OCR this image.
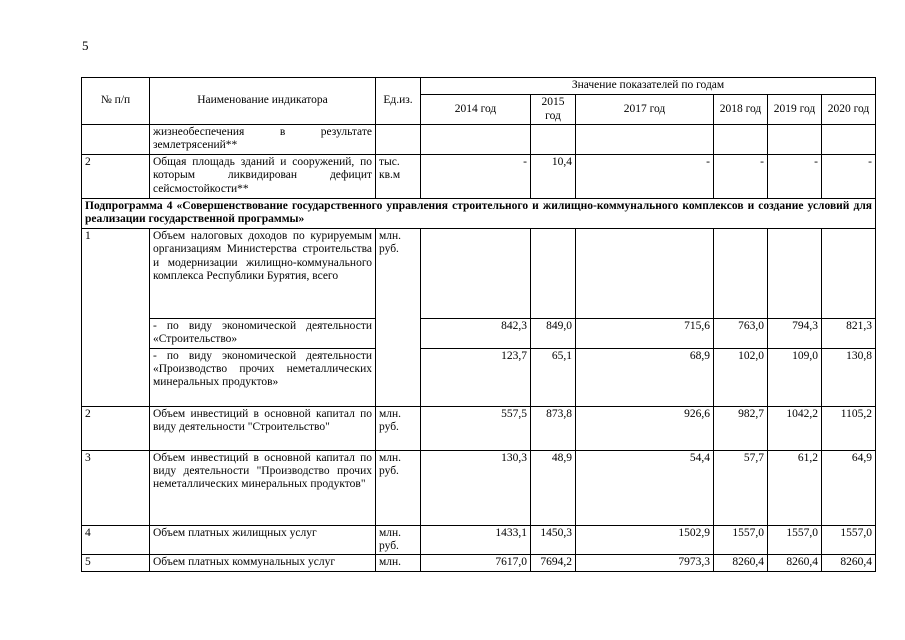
5
№ п/п	Наименование индикатора	Ед.из.	Значение показателей по годам					
			2014 год	2015 год	2017 год	2018 год	2019 год	2020 год
	жизнеобеспечения в результате землетрясений**							
2	Общая площадь зданий и сооружений, по которым ликвидирован дефицит сейсмостойкости**	тыс. кв.м	-	10,4	-	-	-	-
Подпрограмма 4 «Совершенствование государственного управления строительного и жилищно-коммунального комплексов и создание условий для реализации государственной программы»								
1	Объем налоговых доходов по курируемым организациям Министерства строительства и модернизации жилищно-коммунального комплекса Республики Бурятия, всего	млн. руб.						
	- по виду экономической деятельности «Строительство»		842,3	849,0	715,6	763,0	794,3	821,3
	- по виду экономической деятельности «Производство прочих неметаллических минеральных продуктов»		123,7	65,1	68,9	102,0	109,0	130,8
2	Объем инвестиций в основной капитал по виду деятельности "Строительство"	млн. руб.	557,5	873,8	926,6	982,7	1042,2	1105,2
3	Объем инвестиций в основной капитал по виду деятельности "Производство прочих неметаллических минеральных продуктов"	млн. руб.	130,3	48,9	54,4	57,7	61,2	64,9
4	Объем платных жилищных услуг	млн. руб.	1433,1	1450,3	1502,9	1557,0	1557,0	1557,0
5	Объем платных коммунальных услуг	млн.	7617,0	7694,2	7973,3	8260,4	8260,4	8260,4
